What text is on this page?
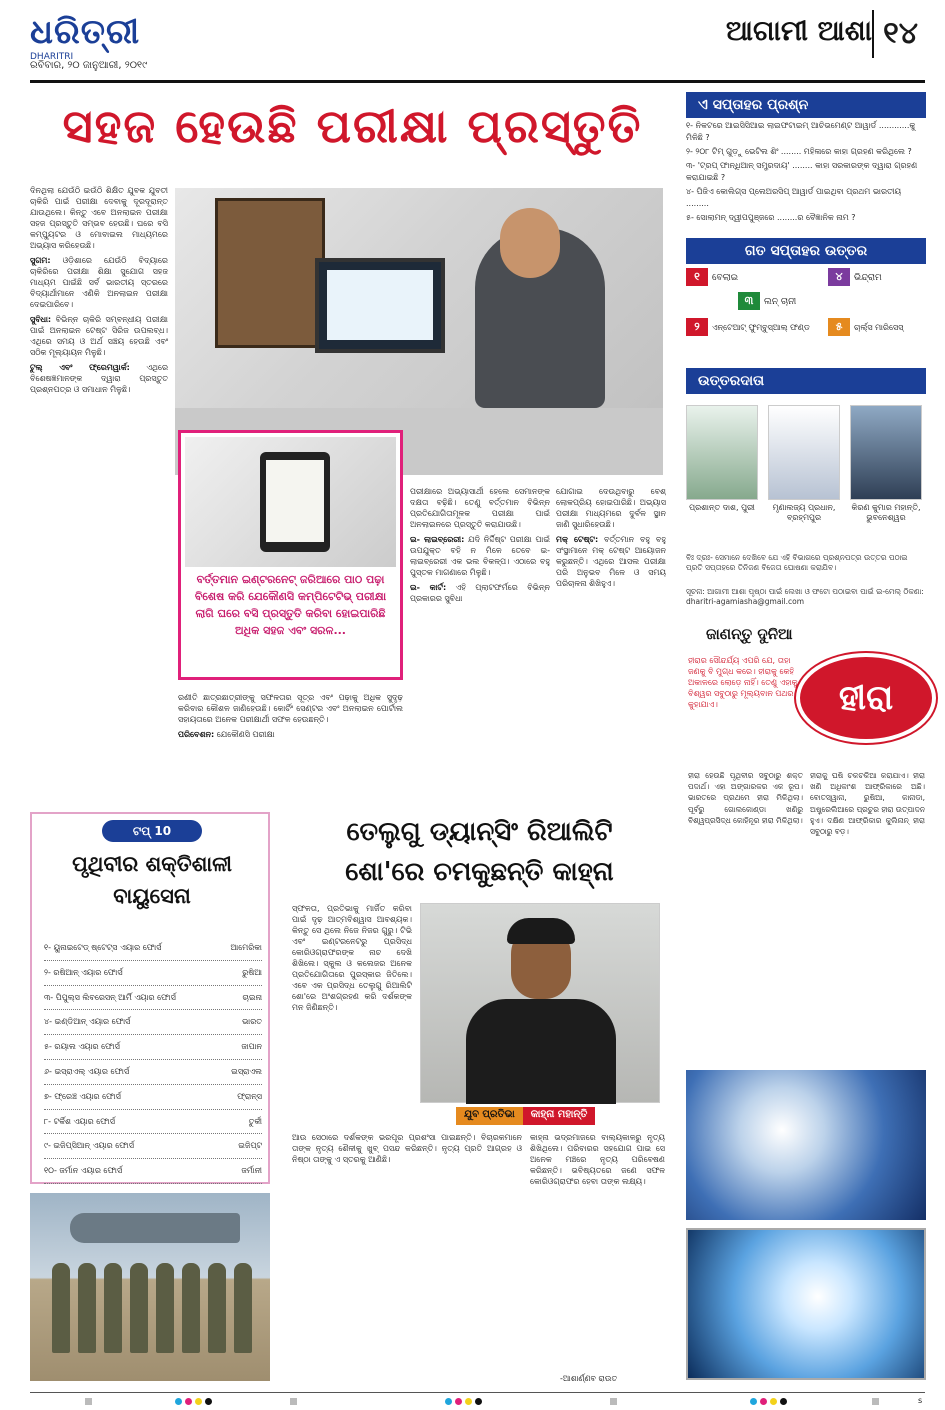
ଧରିତ୍ରୀ
DHARITRI
ରବିବାର, ୨୦ ଜାନୁଆରୀ, ୨୦୧୯
ଆଗାମୀ ଆଶା ୧୪
ସହଜ ହେଉଛି ପରୀକ୍ଷା ପ୍ରସ୍ତୁତି

ଦିନଥିଲା ଯେଉଁଠି ଇଉଁଠି ଶିକ୍ଷିତ ଯୁବକ ଯୁବତୀ ଚାକିରି ପାଇଁ ପରୀକ୍ଷା ଦେବାକୁ ଦୂରଦୂରାନ୍ତ ଯାଉଥିଲେ। କିନ୍ତୁ ଏବେ ଅନଲାଇନ ପରୀକ୍ଷା ସହଜ ପ୍ରସ୍ତୁତି ସମ୍ଭବ ହେଉଛି। ଘରେ ବସି କମ୍ପ୍ୟୁଟର ଓ ମୋବାଇଲ ମାଧ୍ୟମରେ ଅଭ୍ୟାସ କରିହେଉଛି।

ସୁଗମ: ଓଡ଼ିଶାରେ ଯେଉଁଠି ବିଦ୍ୟାରେ ଚାକିରିରେ ପରୀକ୍ଷା ଶିକ୍ଷା ସୁଯୋଗ ସହଜ ମାଧ୍ୟମ ପାଇଁଛି ସର୍ବ ଭାରତୀୟ ସ୍ତରରେ ବିଦ୍ୟାର୍ଥୀମାନେ ଏଣିକି ଅନଲାଇନ ପରୀକ୍ଷା ଦେଇପାରିବେ।

ସୁବିଧା: ବିଭିନ୍ନ ଚାକିରି ସମ୍ବନ୍ଧୀୟ ପରୀକ୍ଷା ପାଇଁ ଅନଲାଇନ ଟେଷ୍ଟ ସିରିଜ ଉପଲବ୍ଧ। ଏଥିରେ ସମୟ ଓ ଅର୍ଥ ସଞ୍ଚୟ ହେଉଛି ଏବଂ ସଠିକ ମୂଲ୍ୟାୟନ ମିଳୁଛି।

ଟୁଲ୍ ଏବଂ ଫ୍ରେମୱାର୍କ: ଏଥିରେ ବିଶେଷଜ୍ଞମାନଙ୍କ ଦ୍ୱାରା ପ୍ରସ୍ତୁତ ପ୍ରଶ୍ନପତ୍ର ଓ ସମାଧାନ ମିଳୁଛି।

ବର୍ତ୍ତମାନ ଇଣ୍ଟରନେଟ୍ ଜରିଆରେ ପାଠ ପଢ଼ା ବିଶେଷ କରି ଯେକୌଣସି କମ୍ପିଟେଟିଭ୍ ପରୀକ୍ଷା ଲାଗି ଘରେ ବସି ପ୍ରସ୍ତୁତି କରିବା ହୋଇପାରିଛି ଅଧିକ ସହଜ ଏବଂ ସରଳ...

ପରୀକ୍ଷାରେ ଅଭ୍ୟାସାର୍ଥୀ ହେଲେ ସେମାନଙ୍କ ଦକ୍ଷତା ବଢ଼ିଛି। ତେଣୁ ବର୍ତ୍ତମାନ ବିଭିନ୍ନ ପ୍ରତିଯୋଗିତାମୂଳକ ପରୀକ୍ଷା ପାଇଁ ଅନଲାଇନରେ ପ୍ରସ୍ତୁତି କରାଯାଉଛି।

ଇ- ଲାଇବ୍ରେରୀ: ଯଦି ନିର୍ଦ୍ଦିଷ୍ଟ ପରୀକ୍ଷା ପାଇଁ ଉପଯୁକ୍ତ ବହି ନ ମିଳେ ତେବେ ଇ-ଲାଇବ୍ରେରୀ ଏକ ଭଲ ବିକଳ୍ପ। ଏଠାରେ ବହୁ ପୁସ୍ତକ ମାଗଣାରେ ମିଳୁଛି।

ଇ- କାର୍ଟ: ଏହି ପ୍ଲାଟଫର୍ମରେ ବିଭିନ୍ନ ପ୍ରକାରର ସୁବିଧା

ଯୋଗାଇ ଦେଉଥିବାରୁ ବେଶ୍ ଲୋକପ୍ରିୟ ହୋଇପାରିଛି। ଅଭ୍ୟାସ ପରୀକ୍ଷା ମାଧ୍ୟମରେ ଦୁର୍ବଳ ସ୍ଥାନ ଜାଣି ସୁଧାରିହେଉଛି।

ମକ୍ ଟେଷ୍ଟ: ବର୍ତ୍ତମାନ ବହୁ ବହୁ ସଂସ୍ଥାମାନେ ମକ୍ ଟେଷ୍ଟ ଆୟୋଜନ କରୁଛନ୍ତି। ଏଥିରେ ଆସଲ ପରୀକ୍ଷା ପରି ଅନୁଭବ ମିଳେ ଓ ସମୟ ପରିଚାଳନା ଶିଖିହୁଏ।

ରଣୀତି ଛାତ୍ରଛାତ୍ରୀଙ୍କୁ ସଫଳତାର ସୂତ୍ର ଏବଂ ପଢ଼ାକୁ ଅଧିକ ସୁଦୃଢ଼ କରିବାର କୌଶଳ ଜାଣିହେଉଛି। କୋର୍ଚିଂ ସେଣ୍ଟର ଏବଂ ଅନଲାଇନ ପୋର୍ଟାଲ ସହାୟତାରେ ଅନେକ ପରୀକ୍ଷାର୍ଥୀ ସଫଳ ହେଉଛନ୍ତି।

ପରିବେଶନ: ଯେକୌଣସି ପରୀକ୍ଷା

ଏ ସପ୍ତାହର ପ୍ରଶ୍ନ
୧- ନିକଟରେ ଆଇସିସିଆଇ ଲାଇଫଟାଇମ୍ ଆଚିଭମେଣ୍ଟ ଆୱାର୍ଡ ............କୁ ମିଳିଛି ?
୨- ୨୦୮ ଟିମ୍ ଗୁଡ଼ୁ ଭେଟିଲ ଶିଂ ........ ମହିଳାରେ କାହା ଗ୍ରହଣ କରିଥିଲେ ?
୩- 'ଟ୍ରପ୍ ଫାନ୍ଧିଆନ୍ ସମ୍ପ୍ରଦାୟ' ........ କାହା ସରକାରଙ୍କ ଦ୍ୱାରା ଗ୍ରହଣ କରାଯାଇଛି ?
୪- ପିଜିଏ କୋଲିଗ୍ସ ପ୍ଲେଅରସିପ୍ ଆୱାର୍ଡ ପାଇଥିବା ପ୍ରଥମ ଭାରତୀୟ .........
୫- ସୋଲାମନ୍ ଦ୍ୱୀପପୁଞ୍ଜରେ ........ର ବୈଜ୍ଞାନିକ ନାମ ?
ଗତ ସପ୍ତାହର ଉତ୍ତର
୧ ବେଲାଇ	୪ ଭିନ୍ଦ୍ରାମ
୩ ଲନ୍ ଚାନୀ
୨ ଏନ୍ଟେଆଟ୍ ଫୁମ୍ବୁସ୍‌ଆଲ୍ ଫଣ୍ଡ	୫ ଚାର୍ଲ୍ସ ମାରିସେସ୍
ଉତ୍ତରଦାତା
ପ୍ରଶାନ୍ତ ଦାଶ, ପୁରୀ	ମୃଣାଲଜ୍ୟ ପ୍ରଧାନ, ବ୍ରହ୍ମପୁର
କିରଣ କୁମାର ମହାନ୍ତି, ଭୁବନେଶ୍ୱର

ବିଃ ଦ୍ରଃ- ସେମାନେ ଦେଖିବେ ଯେ ଏହି ବିଭାଗରେ ପ୍ରଶ୍ନପତ୍ର ଉତ୍ତର ପଠାଇ ପ୍ରତି ସପ୍ତାହରେ ତିନିଜଣ ବିଜେତା ଘୋଷଣା କରାଯିବ।

ସୂଚନା: ଆଗାମୀ ଆଶା ପୃଷ୍ଠା ପାଇଁ ଲେଖା ଓ ଫଟୋ ପଠାଇବା ପାଇଁ ଇ-ମେଲ୍ ଠିକଣା: dharitri-agamiasha@gmail.com

ଜାଣନ୍ତୁ ଦୁନିଆ
ହୀରାର ସୌନ୍ଦର୍ଯ୍ୟ ଏପରି ଯେ, ତାହା ଜଣକୁ ବି ମୁଗ୍ଧ କରେ। ହୀରାକୁ କେହି ଅକାଳରେ ଲୋଡ଼େ ନାହିଁ। ତେଣୁ ଏହାକୁ ବିଶ୍ୱର ସବୁଠାରୁ ମୂଲ୍ୟବାନ ପଥର କୁହାଯାଏ।	ହୀରା
ହୀରା ହେଉଛି ପୃଥିବୀର ସବୁଠାରୁ ଶକ୍ତ ପଦାର୍ଥ। ଏହା ଅଙ୍ଗାରକର ଏକ ରୂପ। ଭାରତରେ ପ୍ରଥମେ ହୀରା ମିଳିଥିଲା। ପୂର୍ବରୁ ଗୋଲକୋଣ୍ଡା ଖଣିରୁ ବିଶ୍ୱପ୍ରସିଦ୍ଧ କୋହିନୂର ହୀରା ମିଳିଥିଲା।
ହୀରାକୁ ଘଷି ଚକଚକିଆ କରାଯାଏ। ହୀରା ଖଣି ଅଧିକାଂଶ ଆଫ୍ରିକାରେ ଅଛି। ବୋତସ୍ୱାନା, ରୁଷିଆ, କାନାଡା, ଅଷ୍ଟ୍ରେଲିଆରେ ପ୍ରଚୁର ହୀରା ଉତ୍ପାଦନ ହୁଏ। ଦକ୍ଷିଣ ଆଫ୍ରିକାର କୁଲିନାନ୍ ହୀରା ସବୁଠାରୁ ବଡ଼।
ଟପ୍ 10
ପୃଥିବୀର ଶକ୍ତିଶାଳୀ ବାୟୁସେନା
୧- ୟୁନାଇଟେଡ୍ ଷ୍ଟେଟ୍ସ ଏୟାର ଫୋର୍ସ	ଆମେରିକା
୨- ରଷିଆନ୍ ଏୟାର ଫୋର୍ସ	ରୁଷିଆ
୩- ପିପୁଲ୍ସ ଲିବରେସନ୍ ଆର୍ମି ଏୟାର ଫୋର୍ସ	ଚାଇନା
୪- ଇଣ୍ଡିଆନ୍ ଏୟାର ଫୋର୍ସ	ଭାରତ
୫- ରୟାଲ ଏୟାର ଫୋର୍ସ	ଜାପାନ
୬- ଇସ୍ରାଏଲ୍ ଏୟାର ଫୋର୍ସ	ଇସ୍ରାଏଲ
୭- ଫ୍ରେଞ୍ଚ ଏୟାର ଫୋର୍ସ	ଫ୍ରାନ୍ସ
୮- ଟର୍କିଶ ଏୟାର ଫୋର୍ସ	ତୁର୍କୀ
୯- ଇଜିପ୍ସିଆନ୍ ଏୟାର ଫୋର୍ସ	ଇଜିପ୍ଟ
୧୦- ଜର୍ମାନ ଏୟାର ଫୋର୍ସ	ଜର୍ମାନୀ
ତେଲୁଗୁ ଡ୍ୟାନ୍ସିଂ ରିଆଲିଟି
ଶୋ'ରେ ଚମକୁଛନ୍ତି କାହ୍ନା
ସ୍ଫଳତା, ପ୍ରତିଭାକୁ ମାର୍ଜିତ କରିବା ପାଇଁ ଦୃଢ଼ ଆତ୍ମବିଶ୍ୱାସ ଆବଶ୍ୟକ। କିନ୍ତୁ ସେ ଥିଲେ ନିଜେ ନିଜର ଗୁରୁ। ଟିଭି ଏବଂ ଇଣ୍ଟରନେଟରୁ ପ୍ରସିଦ୍ଧ କୋରିଓଗ୍ରାଫରଙ୍କ ନାଚ ଦେଖି ଶିଖିଲେ। ସ୍କୁଲ ଓ କଲେଜର ଅନେକ ପ୍ରତିଯୋଗିତାରେ ପୁରସ୍କାର ଜିତିଲେ। ଏବେ ଏକ ପ୍ରସିଦ୍ଧ ତେଲୁଗୁ ରିଆଲିଟି ଶୋ'ରେ ଅଂଶଗ୍ରହଣ କରି ଦର୍ଶକଙ୍କ ମନ ଜିଣିଛନ୍ତି।
ଯୁବ ପ୍ରତିଭା	କାହ୍ନା ମହାନ୍ତି
ଆଉ ସେଠାରେ ଦର୍ଶକଙ୍କ ଭରପୂର ପ୍ରଶଂସା ପାଇଛନ୍ତି। ବିଚାରକମାନେ ତାଙ୍କ ନୃତ୍ୟ ଶୈଳୀକୁ ଖୁବ୍ ପସନ୍ଦ କରିଛନ୍ତି। ନୃତ୍ୟ ପ୍ରତି ଆଗ୍ରହ ଓ ନିଷ୍ଠା ତାଙ୍କୁ ଏ ସ୍ତରକୁ ଆଣିଛି।
କାହ୍ନା ଭଦ୍ରମାଜରେ ବାଲ୍ୟକାଳରୁ ନୃତ୍ୟ ଶିଖିଥିଲେ। ପରିବାରର ସହଯୋଗ ପାଇ ସେ ଅନେକ ମଞ୍ଚରେ ନୃତ୍ୟ ପରିବେଷଣ କରିଛନ୍ତି। ଭବିଷ୍ୟତରେ ଜଣେ ସଫଳ କୋରିଓଗ୍ରାଫର ହେବା ତାଙ୍କ ଲକ୍ଷ୍ୟ।
-ଆଶାର୍ଣ୍ଣବ ରାଉତ
s
